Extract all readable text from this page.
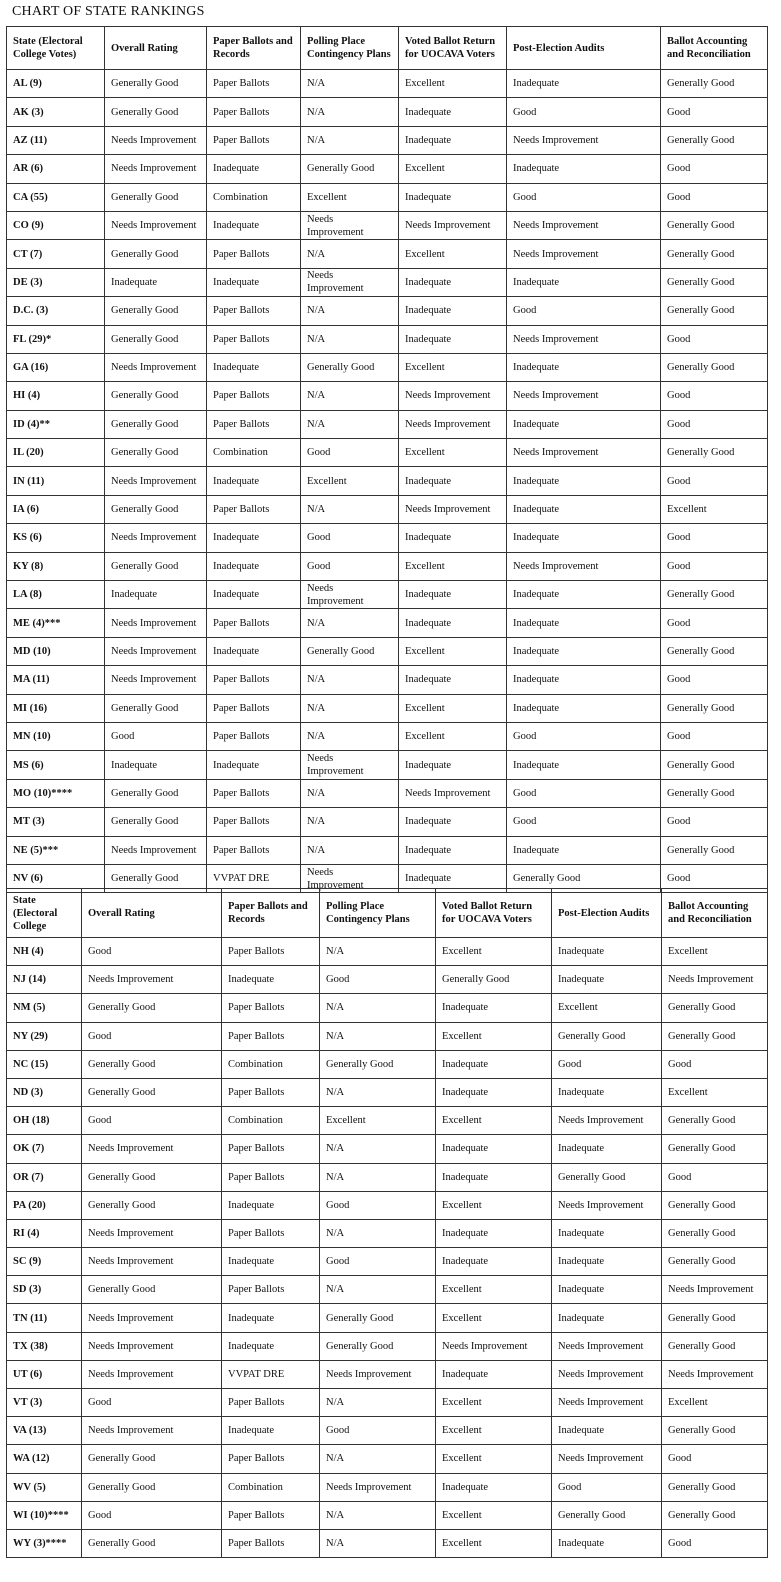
CHART OF STATE RANKINGS
State (Electoral College Votes)	Overall Rating	Paper Ballots and Records	Polling Place Contingency Plans	Voted Ballot Return for UOCAVA Voters	Post-Election Audits	Ballot Accounting and Reconciliation
AL (9)	Generally Good	Paper Ballots	N/A	Excellent	Inadequate	Generally Good
AK (3)	Generally Good	Paper Ballots	N/A	Inadequate	Good	Good
AZ (11)	Needs Improvement	Paper Ballots	N/A	Inadequate	Needs Improvement	Generally Good
AR (6)	Needs Improvement	Inadequate	Generally Good	Excellent	Inadequate	Good
CA (55)	Generally Good	Combination	Excellent	Inadequate	Good	Good
CO (9)	Needs Improvement	Inadequate	Needs Improvement	Needs Improvement	Needs Improvement	Generally Good
CT (7)	Generally Good	Paper Ballots	N/A	Excellent	Needs Improvement	Generally Good
DE (3)	Inadequate	Inadequate	Needs Improvement	Inadequate	Inadequate	Generally Good
D.C. (3)	Generally Good	Paper Ballots	N/A	Inadequate	Good	Generally Good
FL (29)*	Generally Good	Paper Ballots	N/A	Inadequate	Needs Improvement	Good
GA (16)	Needs Improvement	Inadequate	Generally Good	Excellent	Inadequate	Generally Good
HI (4)	Generally Good	Paper Ballots	N/A	Needs Improvement	Needs Improvement	Good
ID (4)**	Generally Good	Paper Ballots	N/A	Needs Improvement	Inadequate	Good
IL (20)	Generally Good	Combination	Good	Excellent	Needs Improvement	Generally Good
IN (11)	Needs Improvement	Inadequate	Excellent	Inadequate	Inadequate	Good
IA (6)	Generally Good	Paper Ballots	N/A	Needs Improvement	Inadequate	Excellent
KS (6)	Needs Improvement	Inadequate	Good	Inadequate	Inadequate	Good
KY (8)	Generally Good	Inadequate	Good	Excellent	Needs Improvement	Good
LA (8)	Inadequate	Inadequate	Needs Improvement	Inadequate	Inadequate	Generally Good
ME (4)***	Needs Improvement	Paper Ballots	N/A	Inadequate	Inadequate	Good
MD (10)	Needs Improvement	Inadequate	Generally Good	Excellent	Inadequate	Generally Good
MA (11)	Needs Improvement	Paper Ballots	N/A	Inadequate	Inadequate	Good
MI (16)	Generally Good	Paper Ballots	N/A	Excellent	Inadequate	Generally Good
MN (10)	Good	Paper Ballots	N/A	Excellent	Good	Good
MS (6)	Inadequate	Inadequate	Needs Improvement	Inadequate	Inadequate	Generally Good
MO (10)****	Generally Good	Paper Ballots	N/A	Needs Improvement	Good	Generally Good
MT (3)	Generally Good	Paper Ballots	N/A	Inadequate	Good	Good
NE (5)***	Needs Improvement	Paper Ballots	N/A	Inadequate	Inadequate	Generally Good
NV (6)	Generally Good	VVPAT DRE	Needs Improvement	Inadequate	Generally Good	Good
State (Electoral College	Overall Rating	Paper Ballots and Records	Polling Place Contingency Plans	Voted Ballot Return for UOCAVA Voters	Post-Election Audits	Ballot Accounting and Reconciliation
NH (4)	Good	Paper Ballots	N/A	Excellent	Inadequate	Excellent
NJ (14)	Needs Improvement	Inadequate	Good	Generally Good	Inadequate	Needs Improvement
NM (5)	Generally Good	Paper Ballots	N/A	Inadequate	Excellent	Generally Good
NY (29)	Good	Paper Ballots	N/A	Excellent	Generally Good	Generally Good
NC (15)	Generally Good	Combination	Generally Good	Inadequate	Good	Good
ND (3)	Generally Good	Paper Ballots	N/A	Inadequate	Inadequate	Excellent
OH (18)	Good	Combination	Excellent	Excellent	Needs Improvement	Generally Good
OK (7)	Needs Improvement	Paper Ballots	N/A	Inadequate	Inadequate	Generally Good
OR (7)	Generally Good	Paper Ballots	N/A	Inadequate	Generally Good	Good
PA (20)	Generally Good	Inadequate	Good	Excellent	Needs Improvement	Generally Good
RI (4)	Needs Improvement	Paper Ballots	N/A	Inadequate	Inadequate	Generally Good
SC (9)	Needs Improvement	Inadequate	Good	Inadequate	Inadequate	Generally Good
SD (3)	Generally Good	Paper Ballots	N/A	Excellent	Inadequate	Needs Improvement
TN (11)	Needs Improvement	Inadequate	Generally Good	Excellent	Inadequate	Generally Good
TX (38)	Needs Improvement	Inadequate	Generally Good	Needs Improvement	Needs Improvement	Generally Good
UT (6)	Needs Improvement	VVPAT DRE	Needs Improvement	Inadequate	Needs Improvement	Needs Improvement
VT (3)	Good	Paper Ballots	N/A	Excellent	Needs Improvement	Excellent
VA (13)	Needs Improvement	Inadequate	Good	Excellent	Inadequate	Generally Good
WA (12)	Generally Good	Paper Ballots	N/A	Excellent	Needs Improvement	Good
WV (5)	Generally Good	Combination	Needs Improvement	Inadequate	Good	Generally Good
WI (10)****	Good	Paper Ballots	N/A	Excellent	Generally Good	Generally Good
WY (3)****	Generally Good	Paper Ballots	N/A	Excellent	Inadequate	Good
